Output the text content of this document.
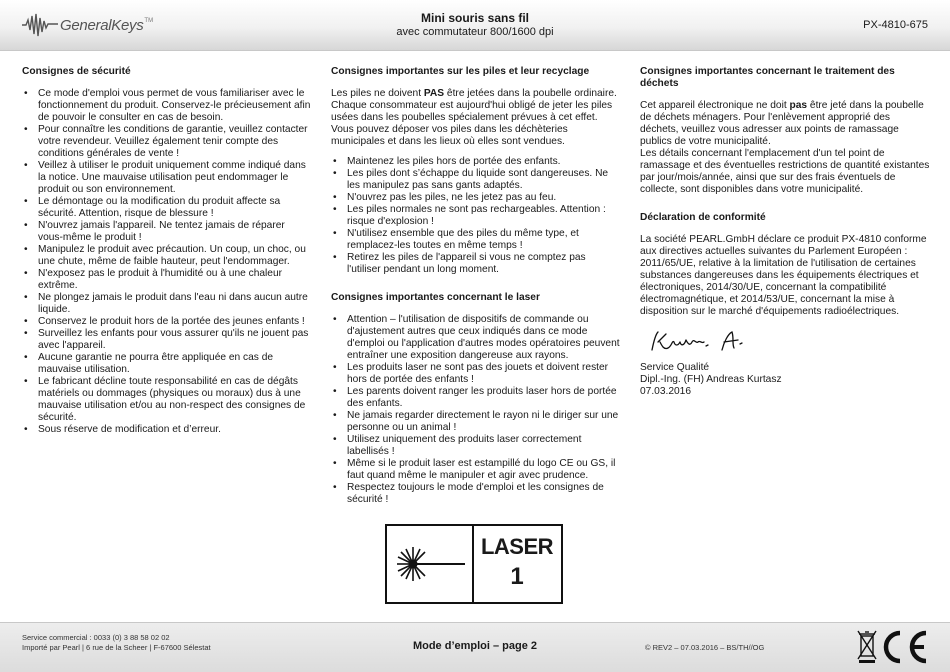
GeneralKeys TM	Mini souris sans fil
avec commutateur 800/1600 dpi
PX-4810-675
Consignes de sécurité
• Ce mode d'emploi vous permet de vous familiariser avec le fonctionnement du produit. Conservez-le précieusement afin de pouvoir le consulter en cas de besoin.
• Pour connaître les conditions de garantie, veuillez contacter votre revendeur. Veuillez également tenir compte des conditions générales de vente !
• Veillez à utiliser le produit uniquement comme indiqué dans la notice. Une mauvaise utilisation peut endommager le produit ou son environnement.
• Le démontage ou la modification du produit affecte sa sécurité. Attention, risque de blessure !
• N'ouvrez jamais l'appareil. Ne tentez jamais de réparer vous-même le produit !
• Manipulez le produit avec précaution. Un coup, un choc, ou une chute, même de faible hauteur, peut l'endommager.
• N'exposez pas le produit à l'humidité ou à une chaleur extrême.
• Ne plongez jamais le produit dans l'eau ni dans aucun autre liquide.
• Conservez le produit hors de la portée des jeunes enfants !
• Surveillez les enfants pour vous assurer qu'ils ne jouent pas avec l'appareil.
• Aucune garantie ne pourra être appliquée en cas de mauvaise utilisation.
• Le fabricant décline toute responsabilité en cas de dégâts matériels ou dommages (physiques ou moraux) dus à une mauvaise utilisation et/ou au non-respect des consignes de sécurité.
• Sous réserve de modification et d’erreur.
Consignes importantes sur les piles et leur recyclage

Les piles ne doivent PAS être jetées dans la poubelle ordinaire. Chaque consommateur est aujourd'hui obligé de jeter les piles usées dans les poubelles spécialement prévues à cet effet. Vous pouvez déposer vos piles dans les déchèteries municipales et dans les lieux où elles sont vendues.

• Maintenez les piles hors de portée des enfants.
• Les piles dont s’échappe du liquide sont dangereuses. Ne les manipulez pas sans gants adaptés.
• N'ouvrez pas les piles, ne les jetez pas au feu.
• Les piles normales ne sont pas rechargeables. Attention : risque d'explosion !
• N'utilisez ensemble que des piles du même type, et remplacez-les toutes en même temps !
• Retirez les piles de l'appareil si vous ne comptez pas l'utiliser pendant un long moment.
Consignes importantes concernant le laser
• Attention – l'utilisation de dispositifs de commande ou d'ajustement autres que ceux indiqués dans ce mode d'emploi ou l'application d'autres modes opératoires peuvent entraîner une exposition dangereuse aux rayons.
• Les produits laser ne sont pas des jouets et doivent rester hors de portée des enfants !
• Les parents doivent ranger les produits laser hors de portée des enfants.
• Ne jamais regarder directement le rayon ni le diriger sur une personne ou un animal !
• Utilisez uniquement des produits laser correctement labellisés !
• Même si le produit laser est estampillé du logo CE ou GS, il faut quand même le manipuler et agir avec prudence.
• Respectez toujours le mode d'emploi et les consignes de sécurité !
LASER
1
Consignes importantes concernant le traitement des déchets

Cet appareil électronique ne doit pas être jeté dans la poubelle de déchets ménagers. Pour l'enlèvement approprié des déchets, veuillez vous adresser aux points de ramassage publics de votre municipalité.

Les détails concernant l'emplacement d'un tel point de ramassage et des éventuelles restrictions de quantité existantes par jour/mois/année, ainsi que sur des frais éventuels de collecte, sont disponibles dans votre municipalité.

Déclaration de conformité

La société PEARL.GmbH déclare ce produit PX-4810 conforme aux directives actuelles suivantes du Parlement Européen : 2011/65/UE, relative à la limitation de l'utilisation de certaines substances dangereuses dans les équipements électriques et électroniques, 2014/30/UE, concernant la compatibilité électromagnétique, et 2014/53/UE, concernant la mise à disposition sur le marché d'équipements radioélectriques.

Service Qualité
Dipl.-Ing. (FH) Andreas Kurtasz
07.03.2016
Service commercial : 0033 (0) 3 88 58 02 02
Importé par Pearl | 6 rue de la Scheer | F-67600 Sélestat	Mode d’emploi – page 2	© REV2 – 07.03.2016 – BS/TH//OG
